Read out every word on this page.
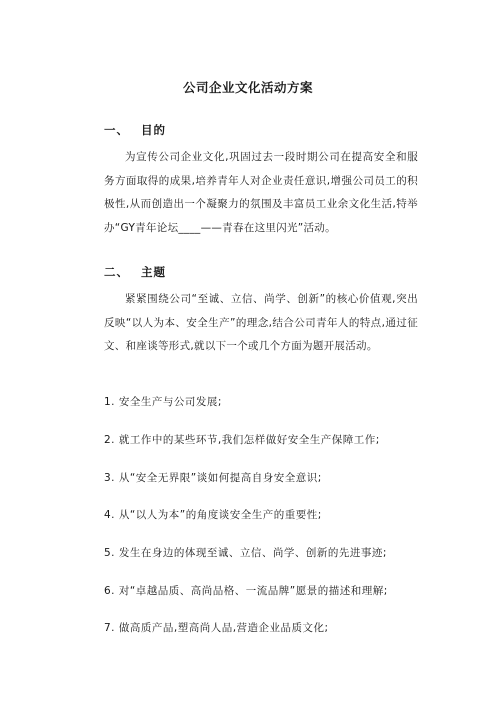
公司企业文化活动方案
一、 目的

为宣传公司企业文化,巩固过去一段时期公司在提高安全和服务方面取得的成果,培养青年人对企业责任意识,增强公司员工的积极性,从而创造出一个凝聚力的氛围及丰富员工业余文化生活,特举办“GY青年论坛____——青春在这里闪光”活动。

二、 主题

紧紧围绕公司“至诚、立信、尚学、创新”的核心价值观,突出反映“以人为本、安全生产”的理念,结合公司青年人的特点,通过征文、和座谈等形式,就以下一个或几个方面为题开展活动。

1. 安全生产与公司发展;
2. 就工作中的某些环节,我们怎样做好安全生产保障工作;
3. 从“安全无界限”谈如何提高自身安全意识;
4. 从“以人为本”的角度谈安全生产的重要性;
5. 发生在身边的体现至诚、立信、尚学、创新的先进事迹;
6. 对“卓越品质、高尚品格、一流品牌”愿景的描述和理解;
7. 做高质产品,塑高尚人品,营造企业品质文化;
